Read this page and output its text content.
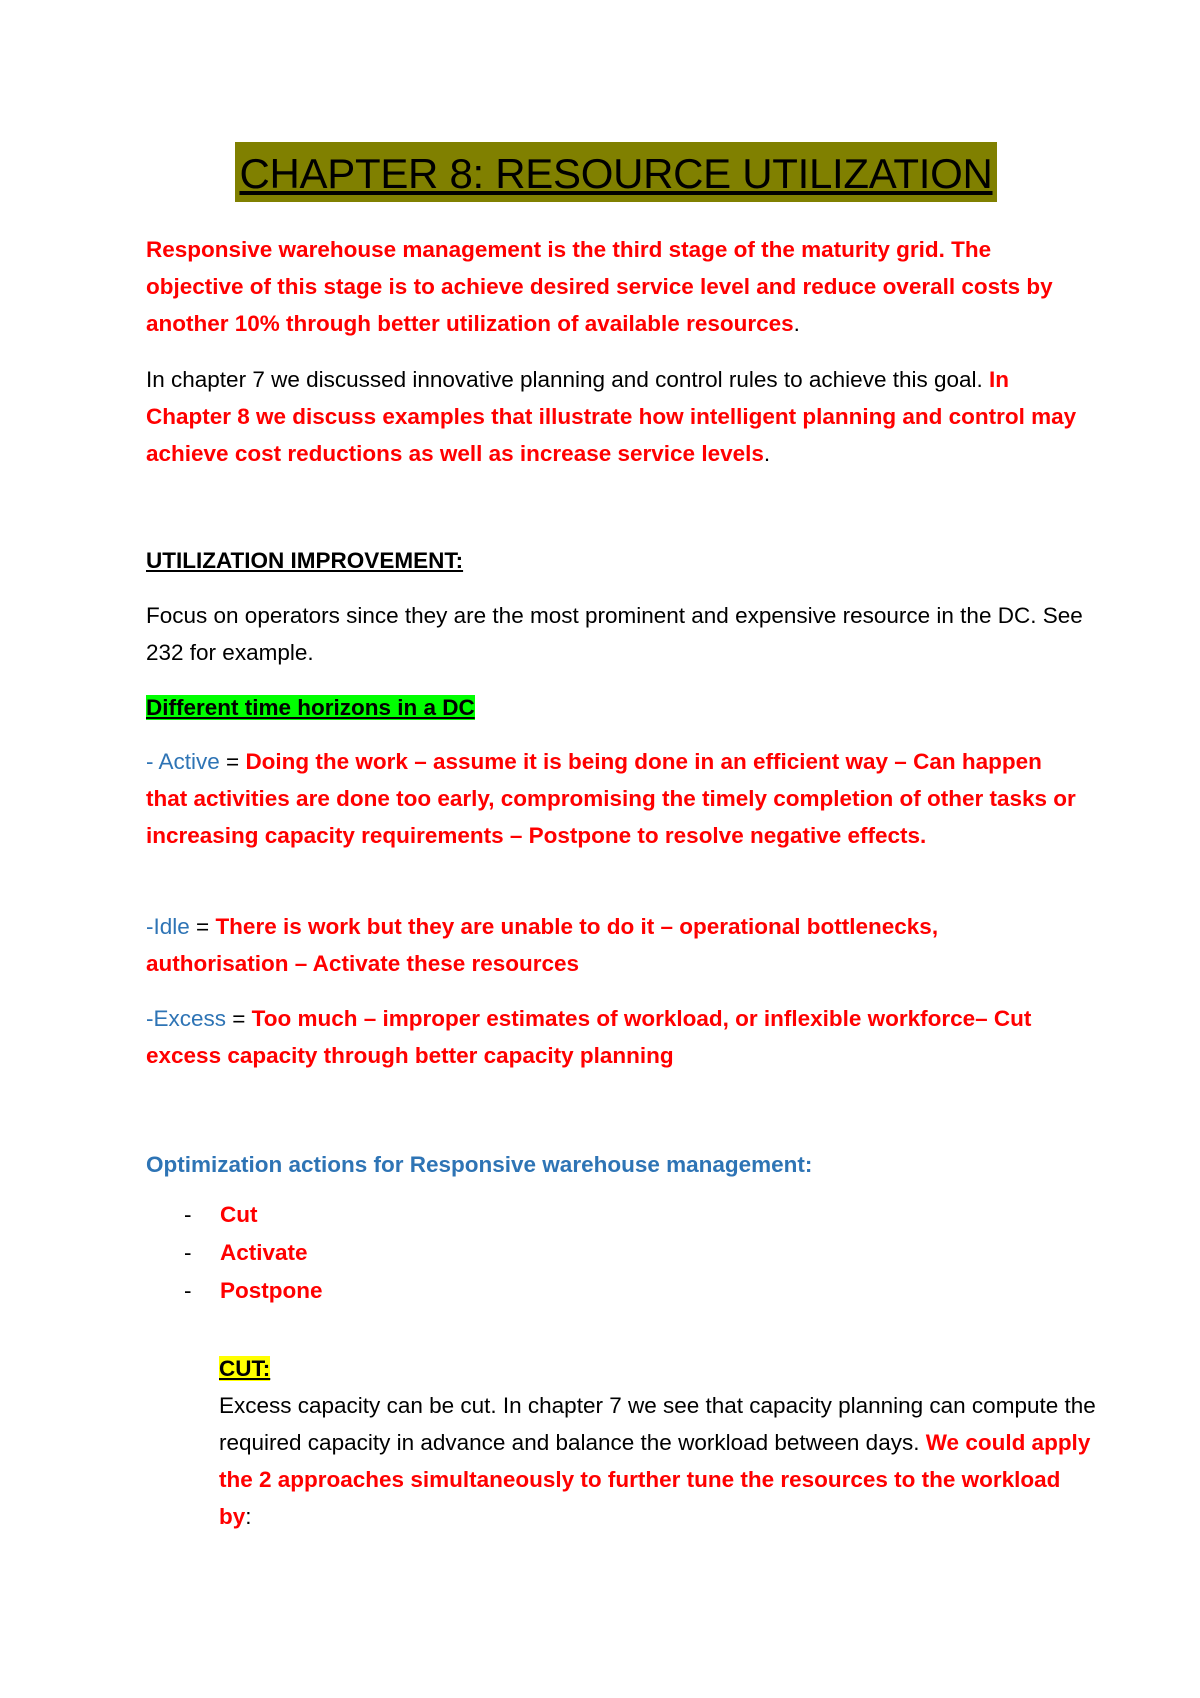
CHAPTER 8: RESOURCE UTILIZATION

Responsive warehouse management is the third stage of the maturity grid. The objective of this stage is to achieve desired service level and reduce overall costs by another 10% through better utilization of available resources.

In chapter 7 we discussed innovative planning and control rules to achieve this goal. In Chapter 8 we discuss examples that illustrate how intelligent planning and control may achieve cost reductions as well as increase service levels.

UTILIZATION IMPROVEMENT:

Focus on operators since they are the most prominent and expensive resource in the DC. See 232 for example.

Different time horizons in a DC

- Active = Doing the work – assume it is being done in an efficient way – Can happen that activities are done too early, compromising the timely completion of other tasks or increasing capacity requirements – Postpone to resolve negative effects.

-Idle = There is work but they are unable to do it – operational bottlenecks, authorisation – Activate these resources

-Excess = Too much – improper estimates of workload, or inflexible workforce– Cut excess capacity through better capacity planning

Optimization actions for Responsive warehouse management:

- Cut
- Activate
- Postpone

CUT:

Excess capacity can be cut. In chapter 7 we see that capacity planning can compute the required capacity in advance and balance the workload between days. We could apply the 2 approaches simultaneously to further tune the resources to the workload by:
